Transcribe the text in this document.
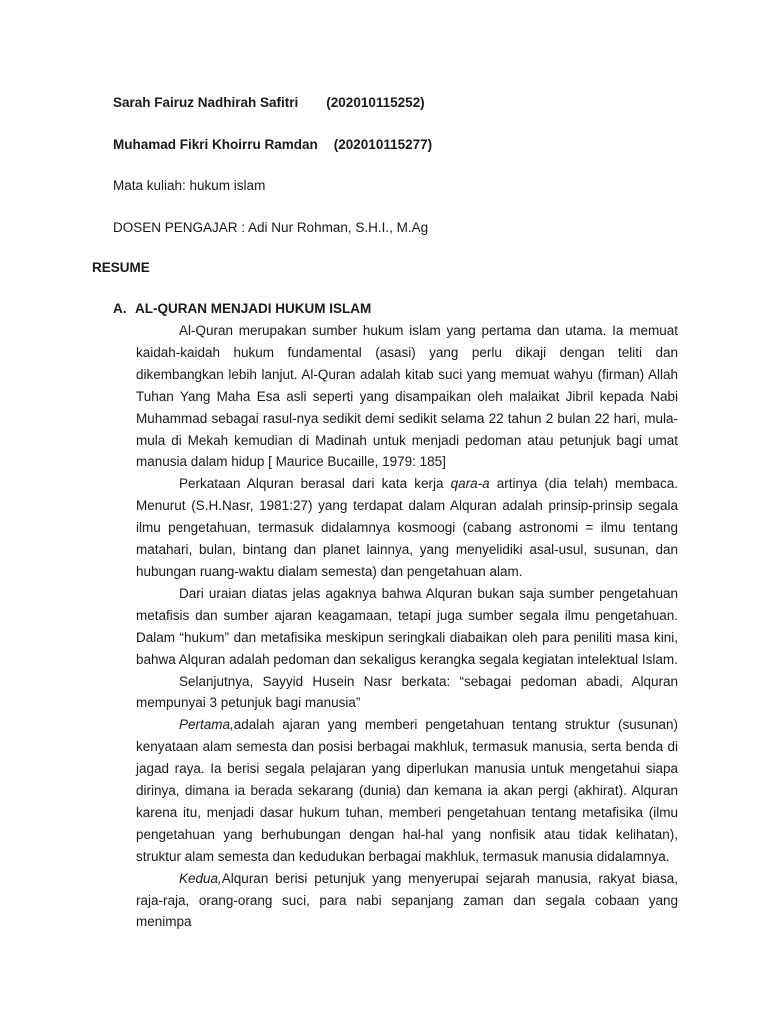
Sarah Fairuz Nadhirah Safitri (202010115252)
Muhamad Fikri Khoirru Ramdan (202010115277)
Mata kuliah: hukum islam
DOSEN PENGAJAR : Adi Nur Rohman, S.H.I., M.Ag
RESUME
A. AL-QURAN MENJADI HUKUM ISLAM

Al-Quran merupakan sumber hukum islam yang pertama dan utama. Ia memuat kaidah-kaidah hukum fundamental (asasi) yang perlu dikaji dengan teliti dan dikembangkan lebih lanjut. Al-Quran adalah kitab suci yang memuat wahyu (firman) Allah Tuhan Yang Maha Esa asli seperti yang disampaikan oleh malaikat Jibril kepada Nabi Muhammad sebagai rasul-nya sedikit demi sedikit selama 22 tahun 2 bulan 22 hari, mula-mula di Mekah kemudian di Madinah untuk menjadi pedoman atau petunjuk bagi umat manusia dalam hidup [ Maurice Bucaille, 1979: 185]

Perkataan Alquran berasal dari kata kerja qara-a artinya (dia telah) membaca. Menurut (S.H.Nasr, 1981:27) yang terdapat dalam Alquran adalah prinsip-prinsip segala ilmu pengetahuan, termasuk didalamnya kosmoogi (cabang astronomi = ilmu tentang matahari, bulan, bintang dan planet lainnya, yang menyelidiki asal-usul, susunan, dan hubungan ruang-waktu dialam semesta) dan pengetahuan alam.

Dari uraian diatas jelas agaknya bahwa Alquran bukan saja sumber pengetahuan metafisis dan sumber ajaran keagamaan, tetapi juga sumber segala ilmu pengetahuan. Dalam “hukum” dan metafisika meskipun seringkali diabaikan oleh para peniliti masa kini, bahwa Alquran adalah pedoman dan sekaligus kerangka segala kegiatan intelektual Islam.

Selanjutnya, Sayyid Husein Nasr berkata: “sebagai pedoman abadi, Alquran mempunyai 3 petunjuk bagi manusia”

Pertama,adalah ajaran yang memberi pengetahuan tentang struktur (susunan) kenyataan alam semesta dan posisi berbagai makhluk, termasuk manusia, serta benda di jagad raya. Ia berisi segala pelajaran yang diperlukan manusia untuk mengetahui siapa dirinya, dimana ia berada sekarang (dunia) dan kemana ia akan pergi (akhirat). Alquran karena itu, menjadi dasar hukum tuhan, memberi pengetahuan tentang metafisika (ilmu pengetahuan yang berhubungan dengan hal-hal yang nonfisik atau tidak kelihatan), struktur alam semesta dan kedudukan berbagai makhluk, termasuk manusia didalamnya.

Kedua,Alquran berisi petunjuk yang menyerupai sejarah manusia, rakyat biasa, raja-raja, orang-orang suci, para nabi sepanjang zaman dan segala cobaan yang menimpa
